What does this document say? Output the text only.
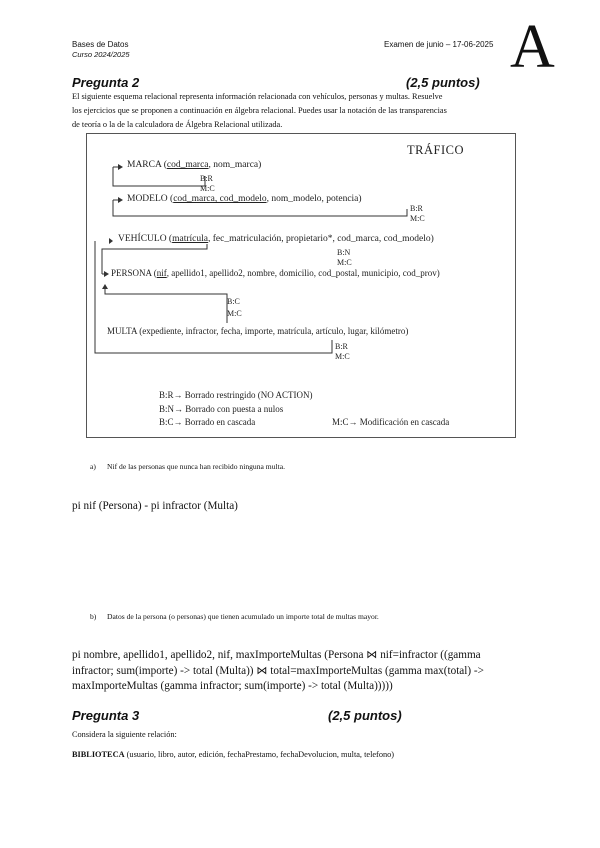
Bases de Datos
Curso 2024/2025
Examen de junio – 17-06-2025 A
Pregunta 2	(2,5 puntos)
El siguiente esquema relacional representa información relacionada con vehículos, personas y multas. Resuelve
los ejercicios que se proponen a continuación en álgebra relacional. Puedes usar la notación de las transparencias
de teoría o la de la calculadora de Álgebra Relacional utilizada.
TRÁFICO
MARCA (cod_marca, nom_marca)
B:R
M:C
MODELO (cod_marca, cod_modelo, nom_modelo, potencia)
B:R
M:C
VEHÍCULO (matrícula, fec_matriculación, propietario*, cod_marca, cod_modelo)
B:N
M:C
PERSONA (nif, apellido1, apellido2, nombre, domicilio, cod_postal, municipio, cod_prov)
B:C
M:C
MULTA (expediente, infractor, fecha, importe, matrícula, artículo, lugar, kilómetro)
B:R
M:C
B:R→ Borrado restringido (NO ACTION)
B:N→ Borrado con puesta a nulos
B:C→ Borrado en cascada	M:C→ Modificación en cascada
a) Nif de las personas que nunca han recibido ninguna multa.
pi nif (Persona) - pi infractor (Multa)
b) Datos de la persona (o personas) que tienen acumulado un importe total de multas mayor.
pi nombre, apellido1, apellido2, nif, maxImporteMultas (Persona ⋈ nif=infractor ((gamma
infractor; sum(importe) -> total (Multa)) ⋈ total=maxImporteMultas (gamma max(total) ->
maxImporteMultas (gamma infractor; sum(importe) -> total (Multa)))))
Pregunta 3	(2,5 puntos)
Considera la siguiente relación:
BIBLIOTECA (usuario, libro, autor, edición, fechaPrestamo, fechaDevolucion, multa, telefono)
